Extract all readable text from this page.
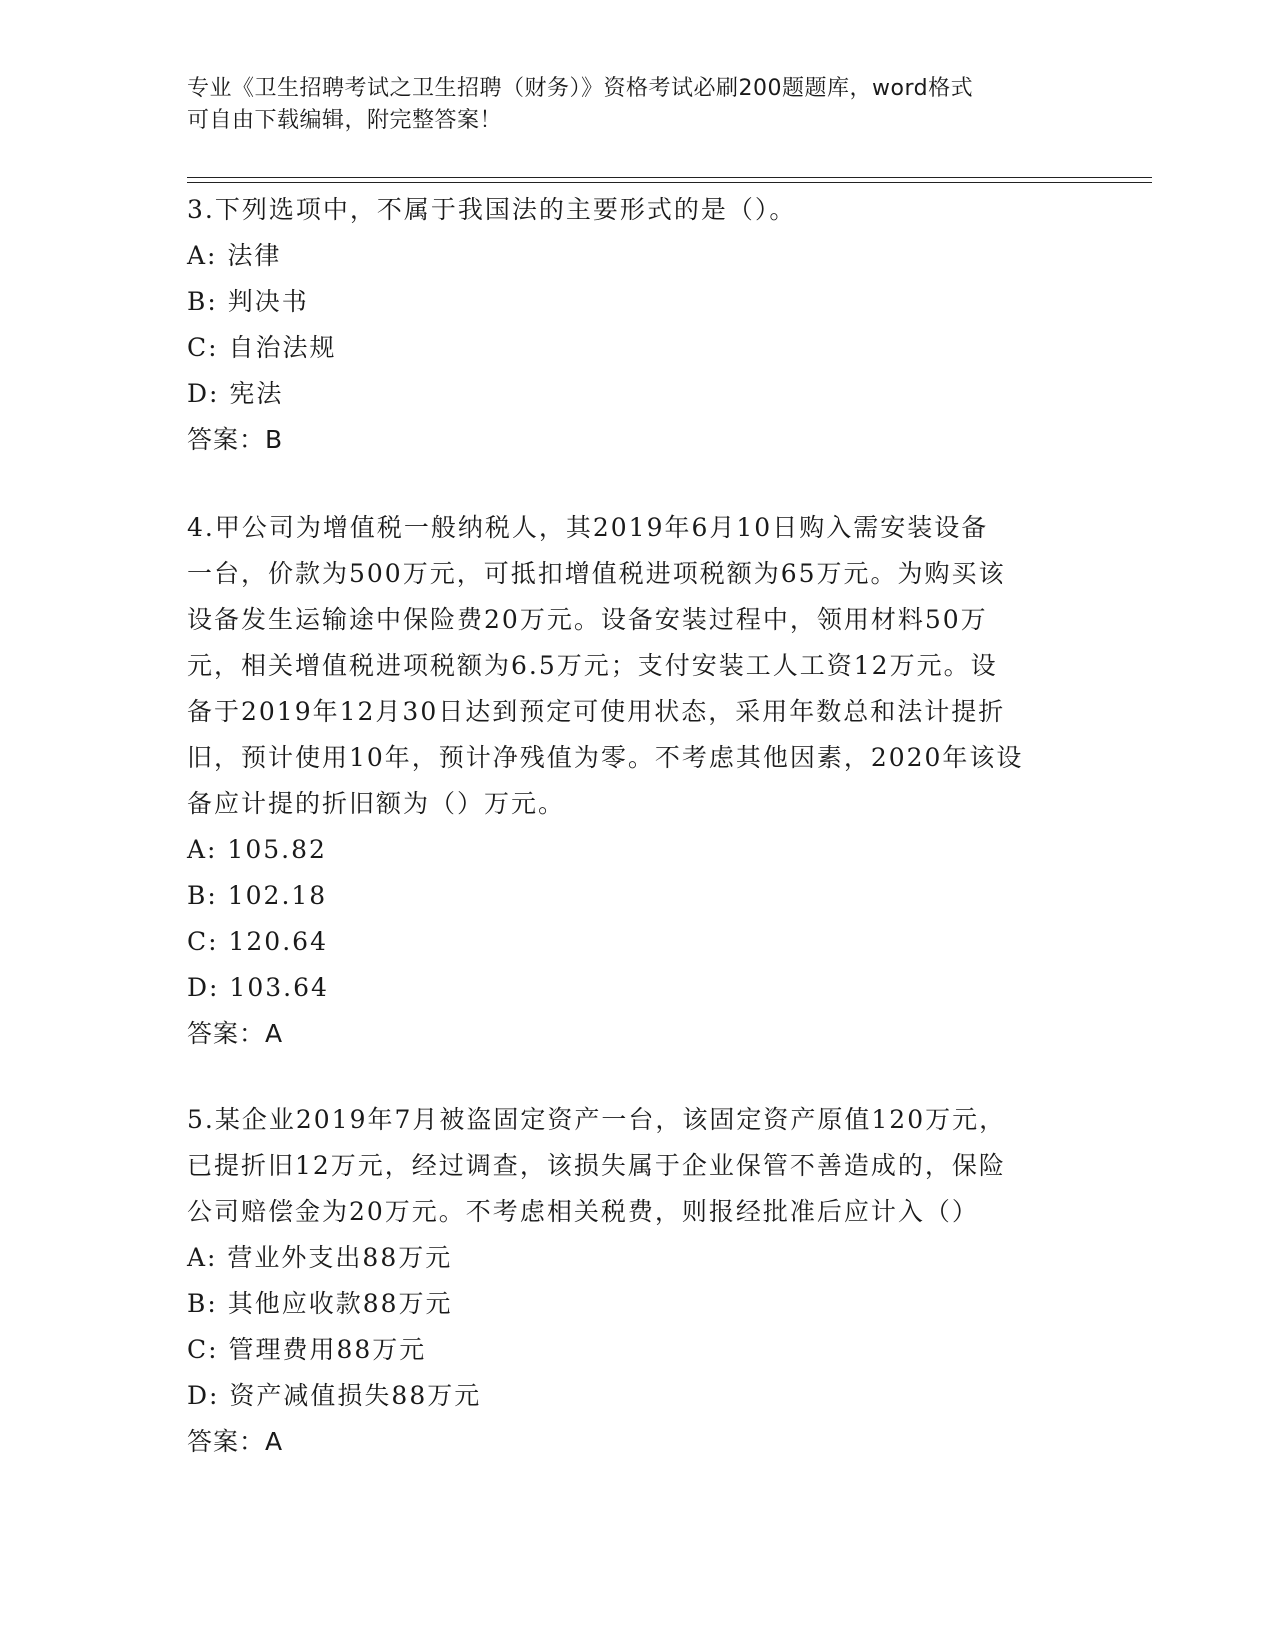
专业《卫生招聘考试之卫生招聘（财务）》资格考试必刷200题题库，word格式
可自由下载编辑，附完整答案！

3.下列选项中，不属于我国法的主要形式的是（）。

A: 法律

B: 判决书

C: 自治法规

D: 宪法

答案：B

4.甲公司为增值税一般纳税人，其2019年6月10日购入需安装设备

一台，价款为500万元，可抵扣增值税进项税额为65万元。为购买该

设备发生运输途中保险费20万元。设备安装过程中，领用材料50万

元，相关增值税进项税额为6.5万元；支付安装工人工资12万元。设

备于2019年12月30日达到预定可使用状态，采用年数总和法计提折

旧，预计使用10年，预计净残值为零。不考虑其他因素，2020年该设

备应计提的折旧额为（）万元。

A: 105.82

B: 102.18

C: 120.64

D: 103.64

答案：A

5.某企业2019年7月被盗固定资产一台，该固定资产原值120万元，

已提折旧12万元，经过调查，该损失属于企业保管不善造成的，保险

公司赔偿金为20万元。不考虑相关税费，则报经批准后应计入（）

A: 营业外支出88万元

B: 其他应收款88万元

C: 管理费用88万元

D: 资产减值损失88万元

答案：A
